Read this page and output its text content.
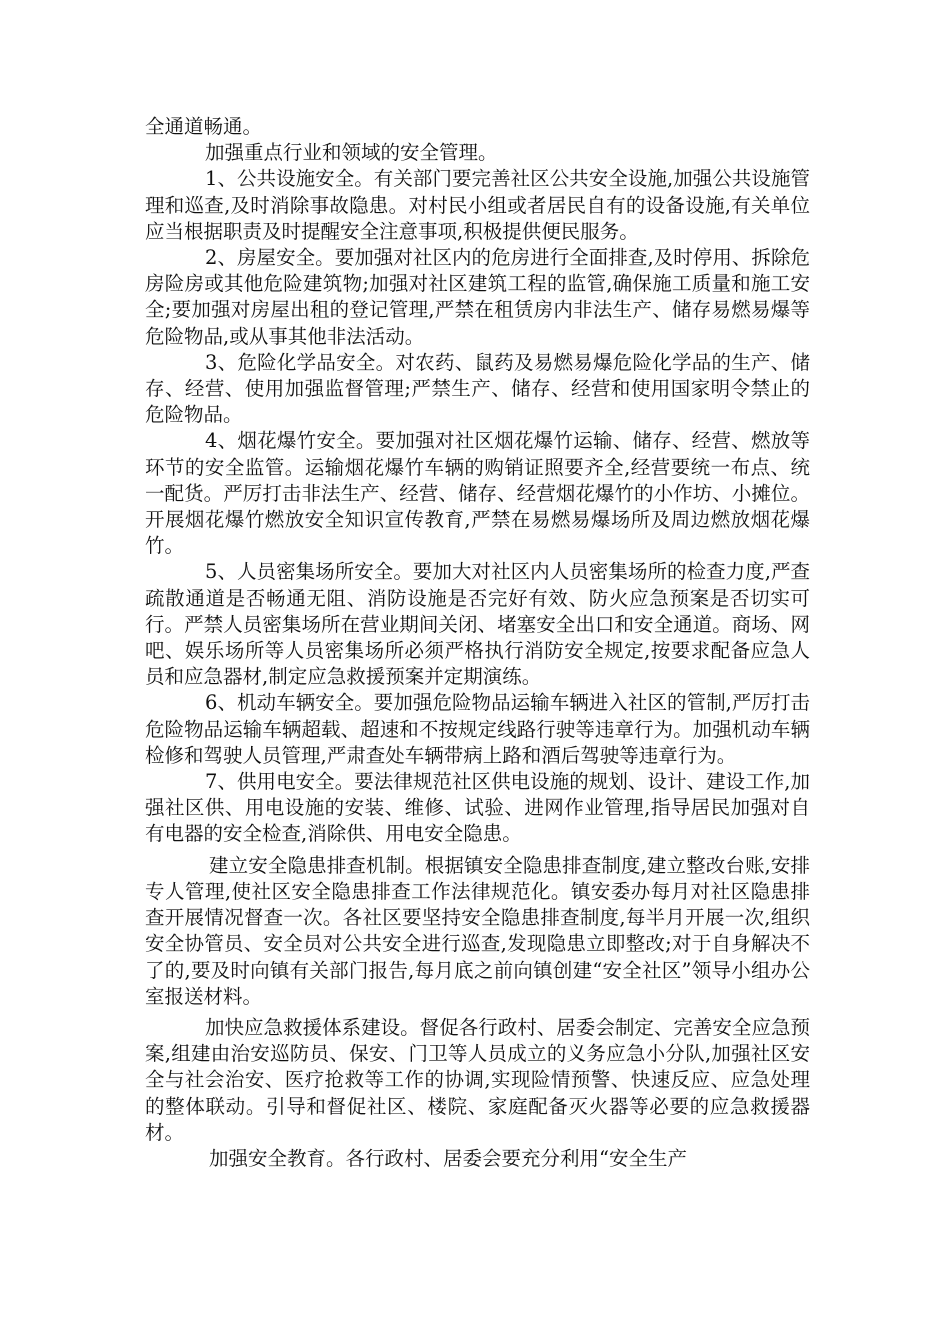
全通道畅通。

加强重点行业和领域的安全管理。

1、公共设施安全。有关部门要完善社区公共安全设施,加强公共设施管理和巡查,及时消除事故隐患。对村民小组或者居民自有的设备设施,有关单位应当根据职责及时提醒安全注意事项,积极提供便民服务。

2、房屋安全。要加强对社区内的危房进行全面排查,及时停用、拆除危房险房或其他危险建筑物;加强对社区建筑工程的监管,确保施工质量和施工安全;要加强对房屋出租的登记管理,严禁在租赁房内非法生产、储存易燃易爆等危险物品,或从事其他非法活动。

3、危险化学品安全。对农药、鼠药及易燃易爆危险化学品的生产、储存、经营、使用加强监督管理;严禁生产、储存、经营和使用国家明令禁止的危险物品。

4、烟花爆竹安全。要加强对社区烟花爆竹运输、储存、经营、燃放等环节的安全监管。运输烟花爆竹车辆的购销证照要齐全,经营要统一布点、统一配货。严厉打击非法生产、经营、储存、经营烟花爆竹的小作坊、小摊位。开展烟花爆竹燃放安全知识宣传教育,严禁在易燃易爆场所及周边燃放烟花爆竹。

5、人员密集场所安全。要加大对社区内人员密集场所的检查力度,严查疏散通道是否畅通无阻、消防设施是否完好有效、防火应急预案是否切实可行。严禁人员密集场所在营业期间关闭、堵塞安全出口和安全通道。商场、网吧、娱乐场所等人员密集场所必须严格执行消防安全规定,按要求配备应急人员和应急器材,制定应急救援预案并定期演练。

6、机动车辆安全。要加强危险物品运输车辆进入社区的管制,严厉打击危险物品运输车辆超载、超速和不按规定线路行驶等违章行为。加强机动车辆检修和驾驶人员管理,严肃查处车辆带病上路和酒后驾驶等违章行为。

7、供用电安全。要法律规范社区供电设施的规划、设计、建设工作,加强社区供、用电设施的安装、维修、试验、进网作业管理,指导居民加强对自有电器的安全检查,消除供、用电安全隐患。

建立安全隐患排查机制。根据镇安全隐患排查制度,建立整改台账,安排专人管理,使社区安全隐患排查工作法律规范化。镇安委办每月对社区隐患排查开展情况督查一次。各社区要坚持安全隐患排查制度,每半月开展一次,组织安全协管员、安全员对公共安全进行巡查,发现隐患立即整改;对于自身解决不了的,要及时向镇有关部门报告,每月底之前向镇创建“安全社区”领导小组办公室报送材料。

加快应急救援体系建设。督促各行政村、居委会制定、完善安全应急预案,组建由治安巡防员、保安、门卫等人员成立的义务应急小分队,加强社区安全与社会治安、医疗抢救等工作的协调,实现险情预警、快速反应、应急处理的整体联动。引导和督促社区、楼院、家庭配备灭火器等必要的应急救援器材。

加强安全教育。各行政村、居委会要充分利用“安全生产
